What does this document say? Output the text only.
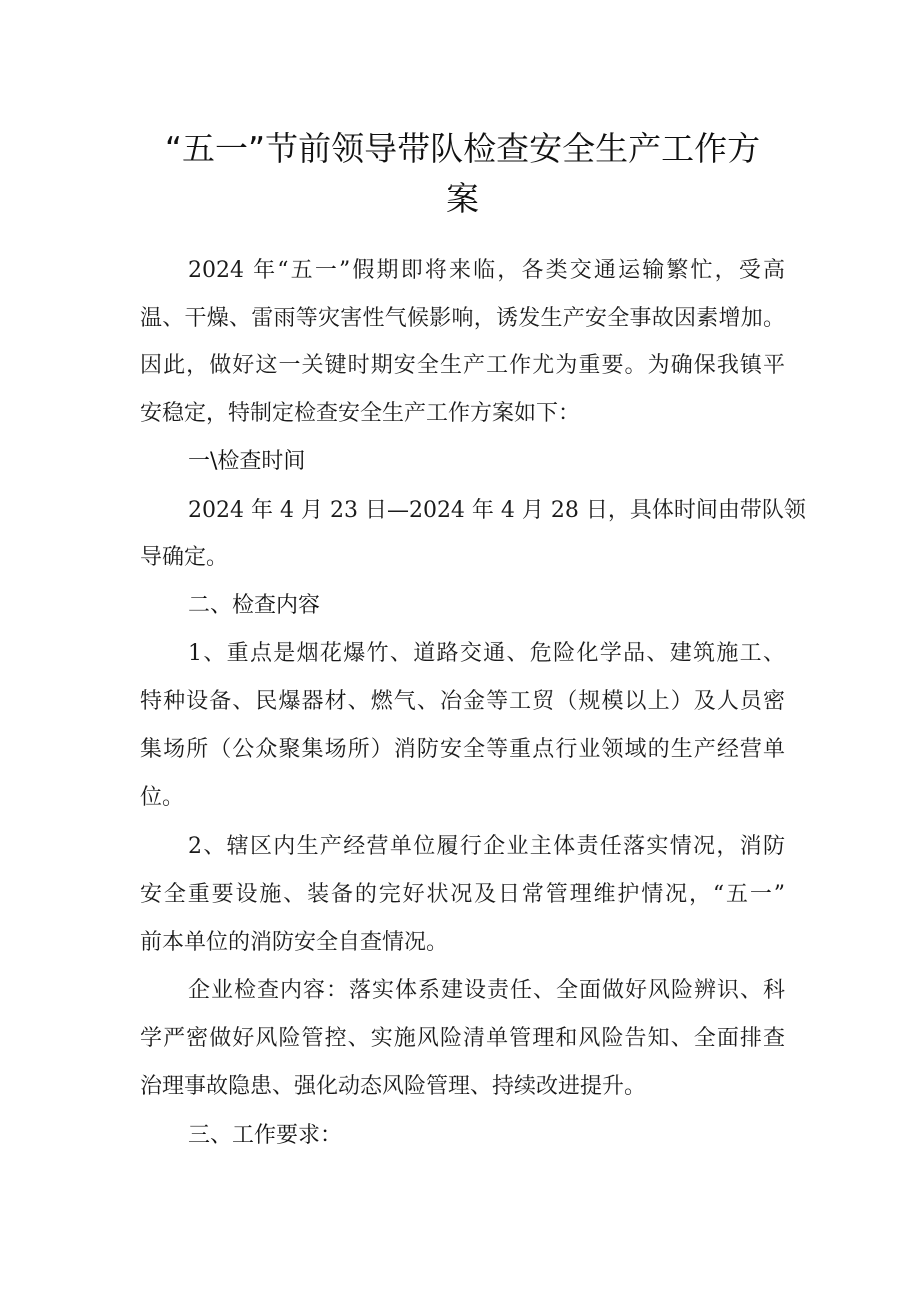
“五一”节前领导带队检查安全生产工作方
案
2024 年“五一”假期即将来临，各类交通运输繁忙，受高
温、干燥、雷雨等灾害性气候影响，诱发生产安全事故因素增加。
因此，做好这一关键时期安全生产工作尤为重要。为确保我镇平
安稳定，特制定检查安全生产工作方案如下：
一\检查时间
2024 年 4 月 23 日—2024 年 4 月 28 日，具体时间由带队领
导确定。
二、检查内容
1、重点是烟花爆竹、道路交通、危险化学品、建筑施工、
特种设备、民爆器材、燃气、冶金等工贸（规模以上）及人员密
集场所（公众聚集场所）消防安全等重点行业领域的生产经营单
位。
2、辖区内生产经营单位履行企业主体责任落实情况，消防
安全重要设施、装备的完好状况及日常管理维护情况，“五一”
前本单位的消防安全自查情况。
企业检查内容：落实体系建设责任、全面做好风险辨识、科
学严密做好风险管控、实施风险清单管理和风险告知、全面排查
治理事故隐患、强化动态风险管理、持续改进提升。
三、工作要求：
